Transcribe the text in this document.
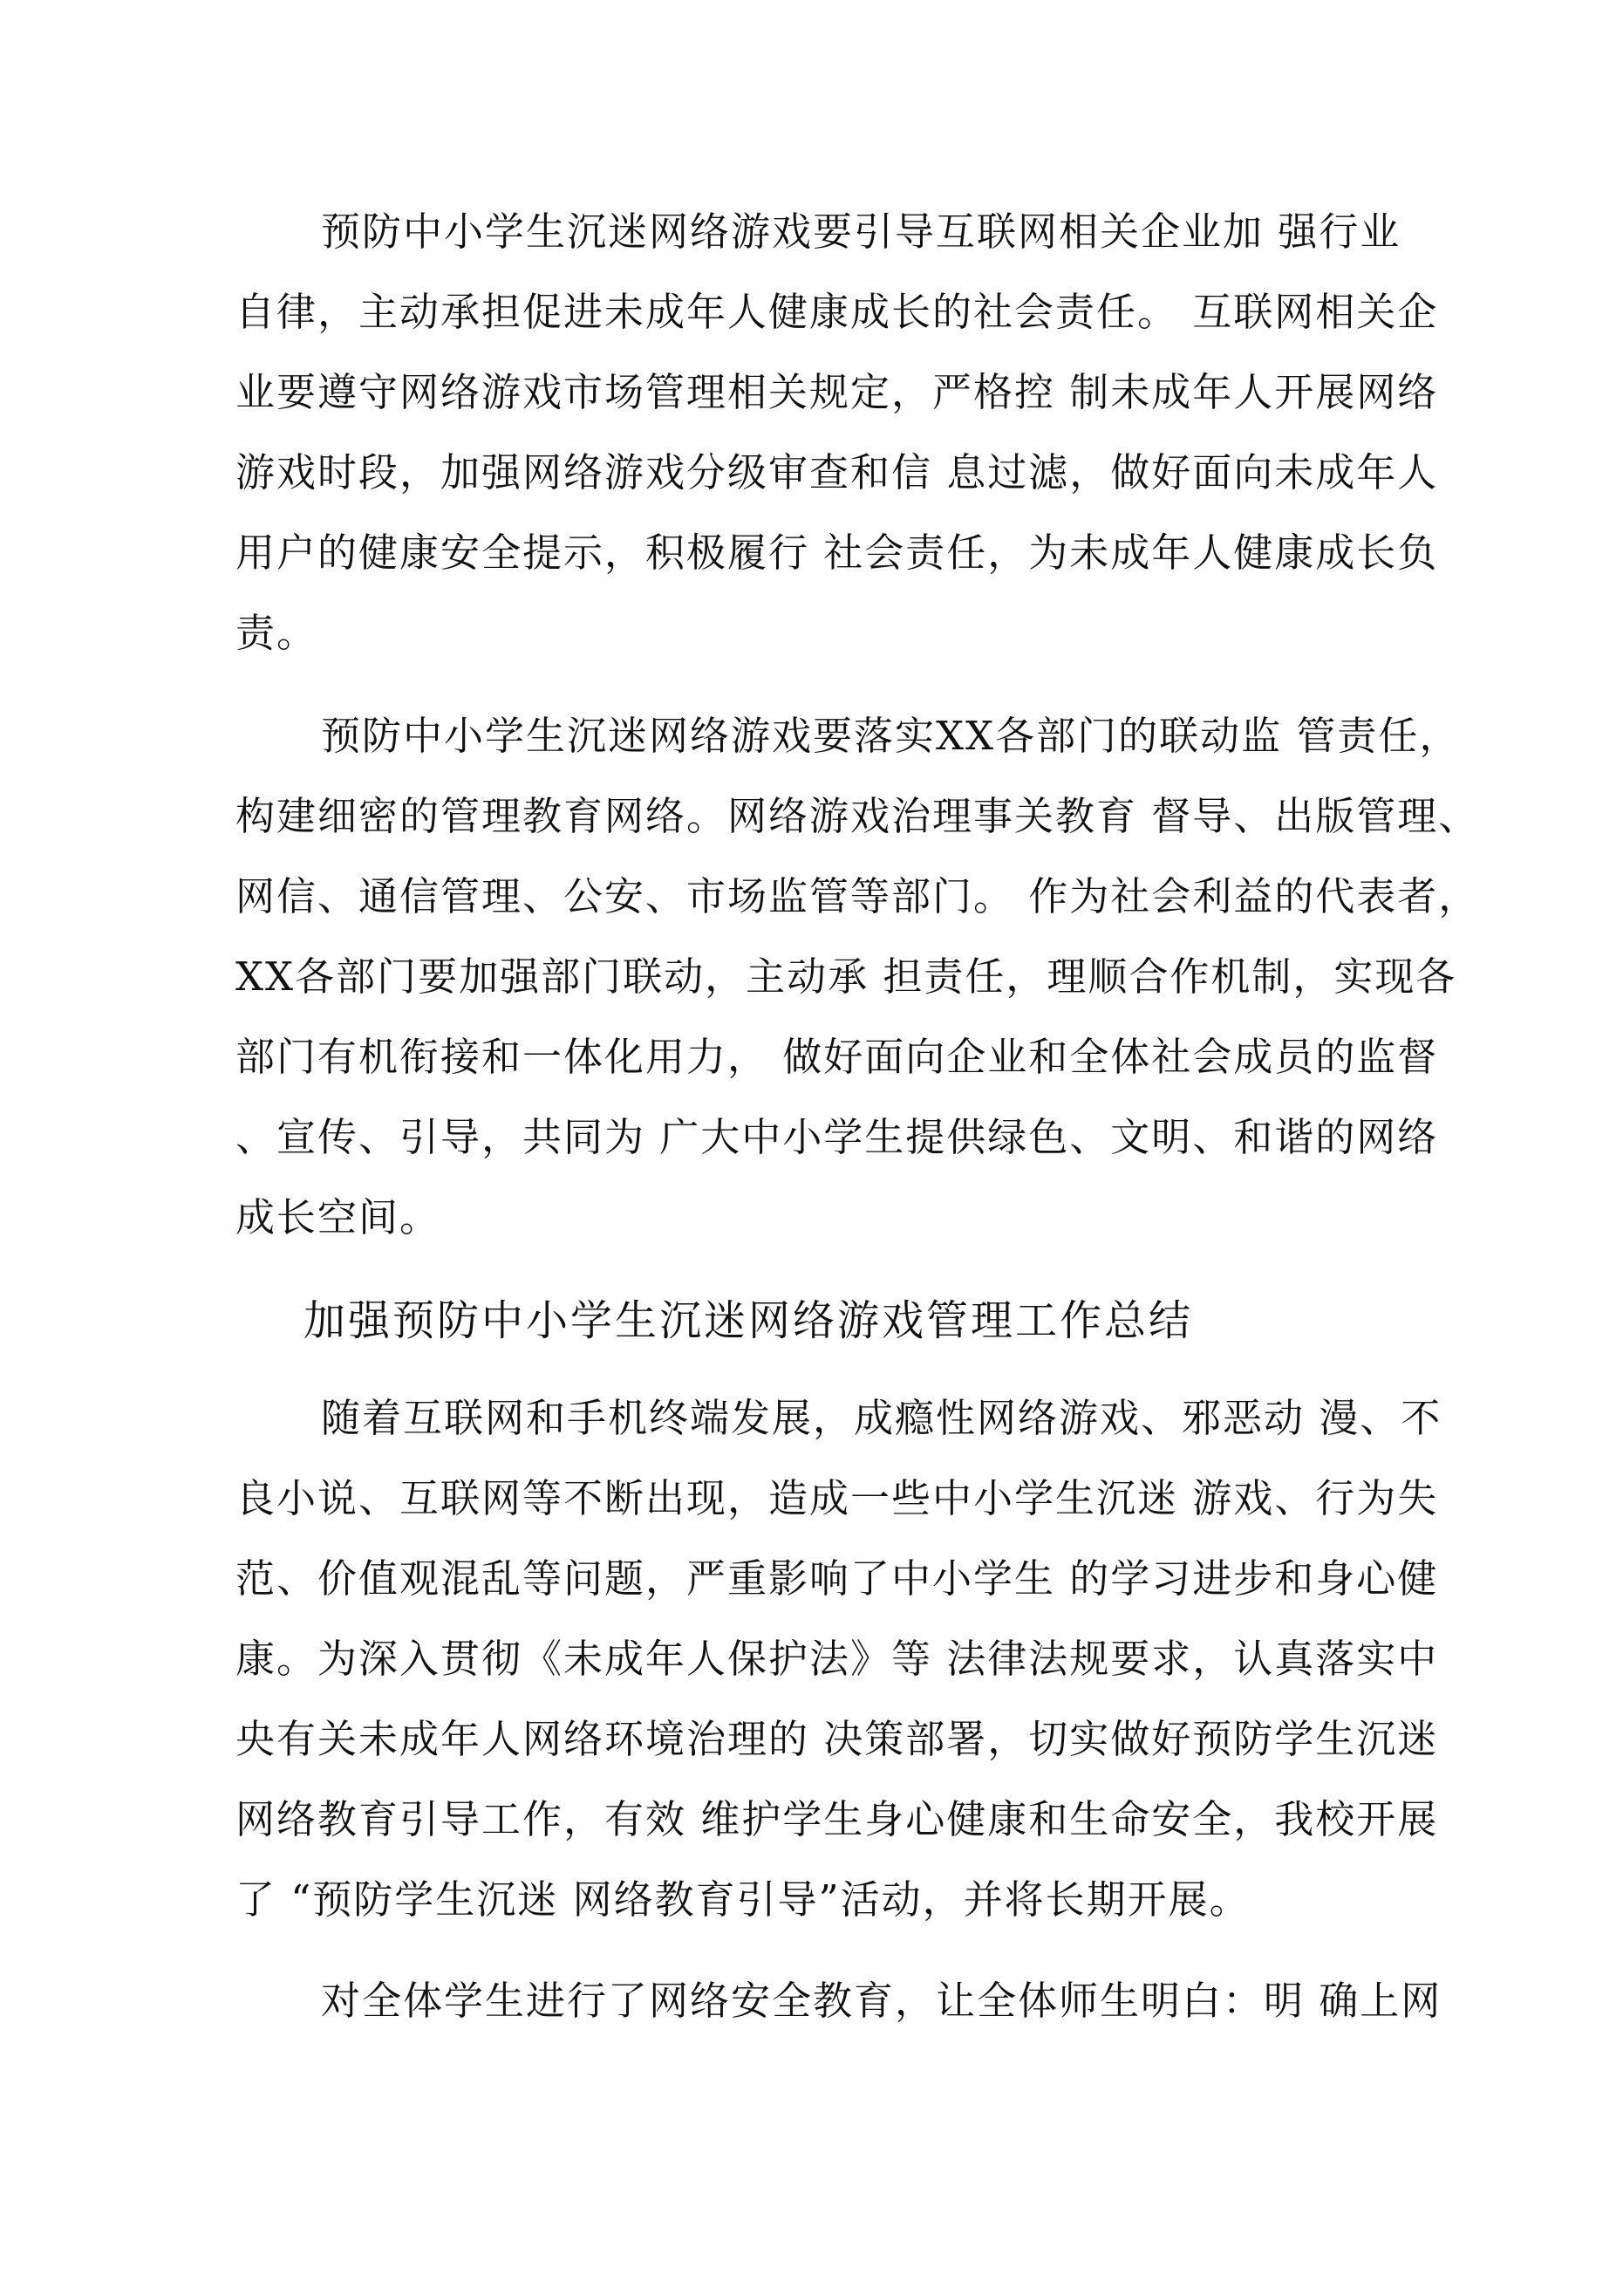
预防中小学生沉迷网络游戏要引导互联网相关企业加 强行业
自律，主动承担促进未成年人健康成长的社会责任。 互联网相关企
业要遵守网络游戏市场管理相关规定，严格控 制未成年人开展网络
游戏时段，加强网络游戏分级审查和信 息过滤，做好面向未成年人
用户的健康安全提示，积极履行 社会责任，为未成年人健康成长负
责。
预防中小学生沉迷网络游戏要落实XX各部门的联动监 管责任，
构建细密的管理教育网络。网络游戏治理事关教育 督导、出版管理、
网信、通信管理、公安、市场监管等部门。 作为社会利益的代表者，
XX各部门要加强部门联动，主动承 担责任，理顺合作机制，实现各
部门有机衔接和一体化用力， 做好面向企业和全体社会成员的监督
、宣传、引导，共同为 广大中小学生提供绿色、文明、和谐的网络
成长空间。
加强预防中小学生沉迷网络游戏管理工作总结
随着互联网和手机终端发展，成瘾性网络游戏、邪恶动 漫、不
良小说、互联网等不断出现，造成一些中小学生沉迷 游戏、行为失
范、价值观混乱等问题，严重影响了中小学生 的学习进步和身心健
康。为深入贯彻《未成年人保护法》等 法律法规要求，认真落实中
央有关未成年人网络环境治理的 决策部署，切实做好预防学生沉迷
网络教育引导工作，有效 维护学生身心健康和生命安全，我校开展
了 “预防学生沉迷 网络教育引导”活动，并将长期开展。
对全体学生进行了网络安全教育，让全体师生明白：明 确上网
